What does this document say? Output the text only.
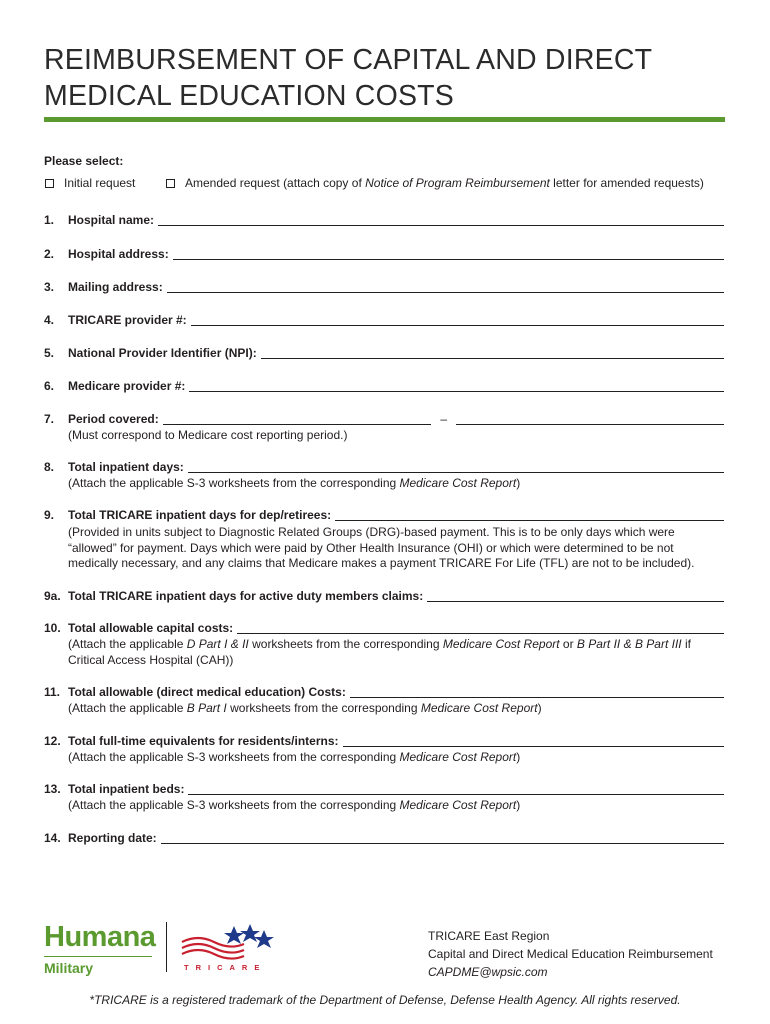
REIMBURSEMENT OF CAPITAL AND DIRECT
MEDICAL EDUCATION COSTS
Please select:
Initial request	Amended request (attach copy of Notice of Program Reimbursement letter for amended requests)
1.	Hospital name:
2.	Hospital address:
3.	Mailing address:
4.	TRICARE provider #:
5.	National Provider Identifier (NPI):
6.	Medicare provider #:
7.	Period covered:	–
(Must correspond to Medicare cost reporting period.)
8.	Total inpatient days:
(Attach the applicable S-3 worksheets from the corresponding Medicare Cost Report)
9.	Total TRICARE inpatient days for dep/retirees:
(Provided in units subject to Diagnostic Related Groups (DRG)-based payment. This is to be only days which were “allowed” for payment. Days which were paid by Other Health Insurance (OHI) or which were determined to be not medically necessary, and any claims that Medicare makes a payment TRICARE For Life (TFL) are not to be included).
9a. Total TRICARE inpatient days for active duty members claims:
10. Total allowable capital costs:
(Attach the applicable D Part I & II worksheets from the corresponding Medicare Cost Report or B Part II & B Part III if Critical Access Hospital (CAH))
11. Total allowable (direct medical education) Costs:
(Attach the applicable B Part I worksheets from the corresponding Medicare Cost Report)
12. Total full-time equivalents for residents/interns:
(Attach the applicable S-3 worksheets from the corresponding Medicare Cost Report)
13. Total inpatient beds:
(Attach the applicable S-3 worksheets from the corresponding Medicare Cost Report)
14. Reporting date:
Humana
Military	TRICARE
TRICARE East Region
Capital and Direct Medical Education Reimbursement
CAPDME@wpsic.com
*TRICARE is a registered trademark of the Department of Defense, Defense Health Agency. All rights reserved.
